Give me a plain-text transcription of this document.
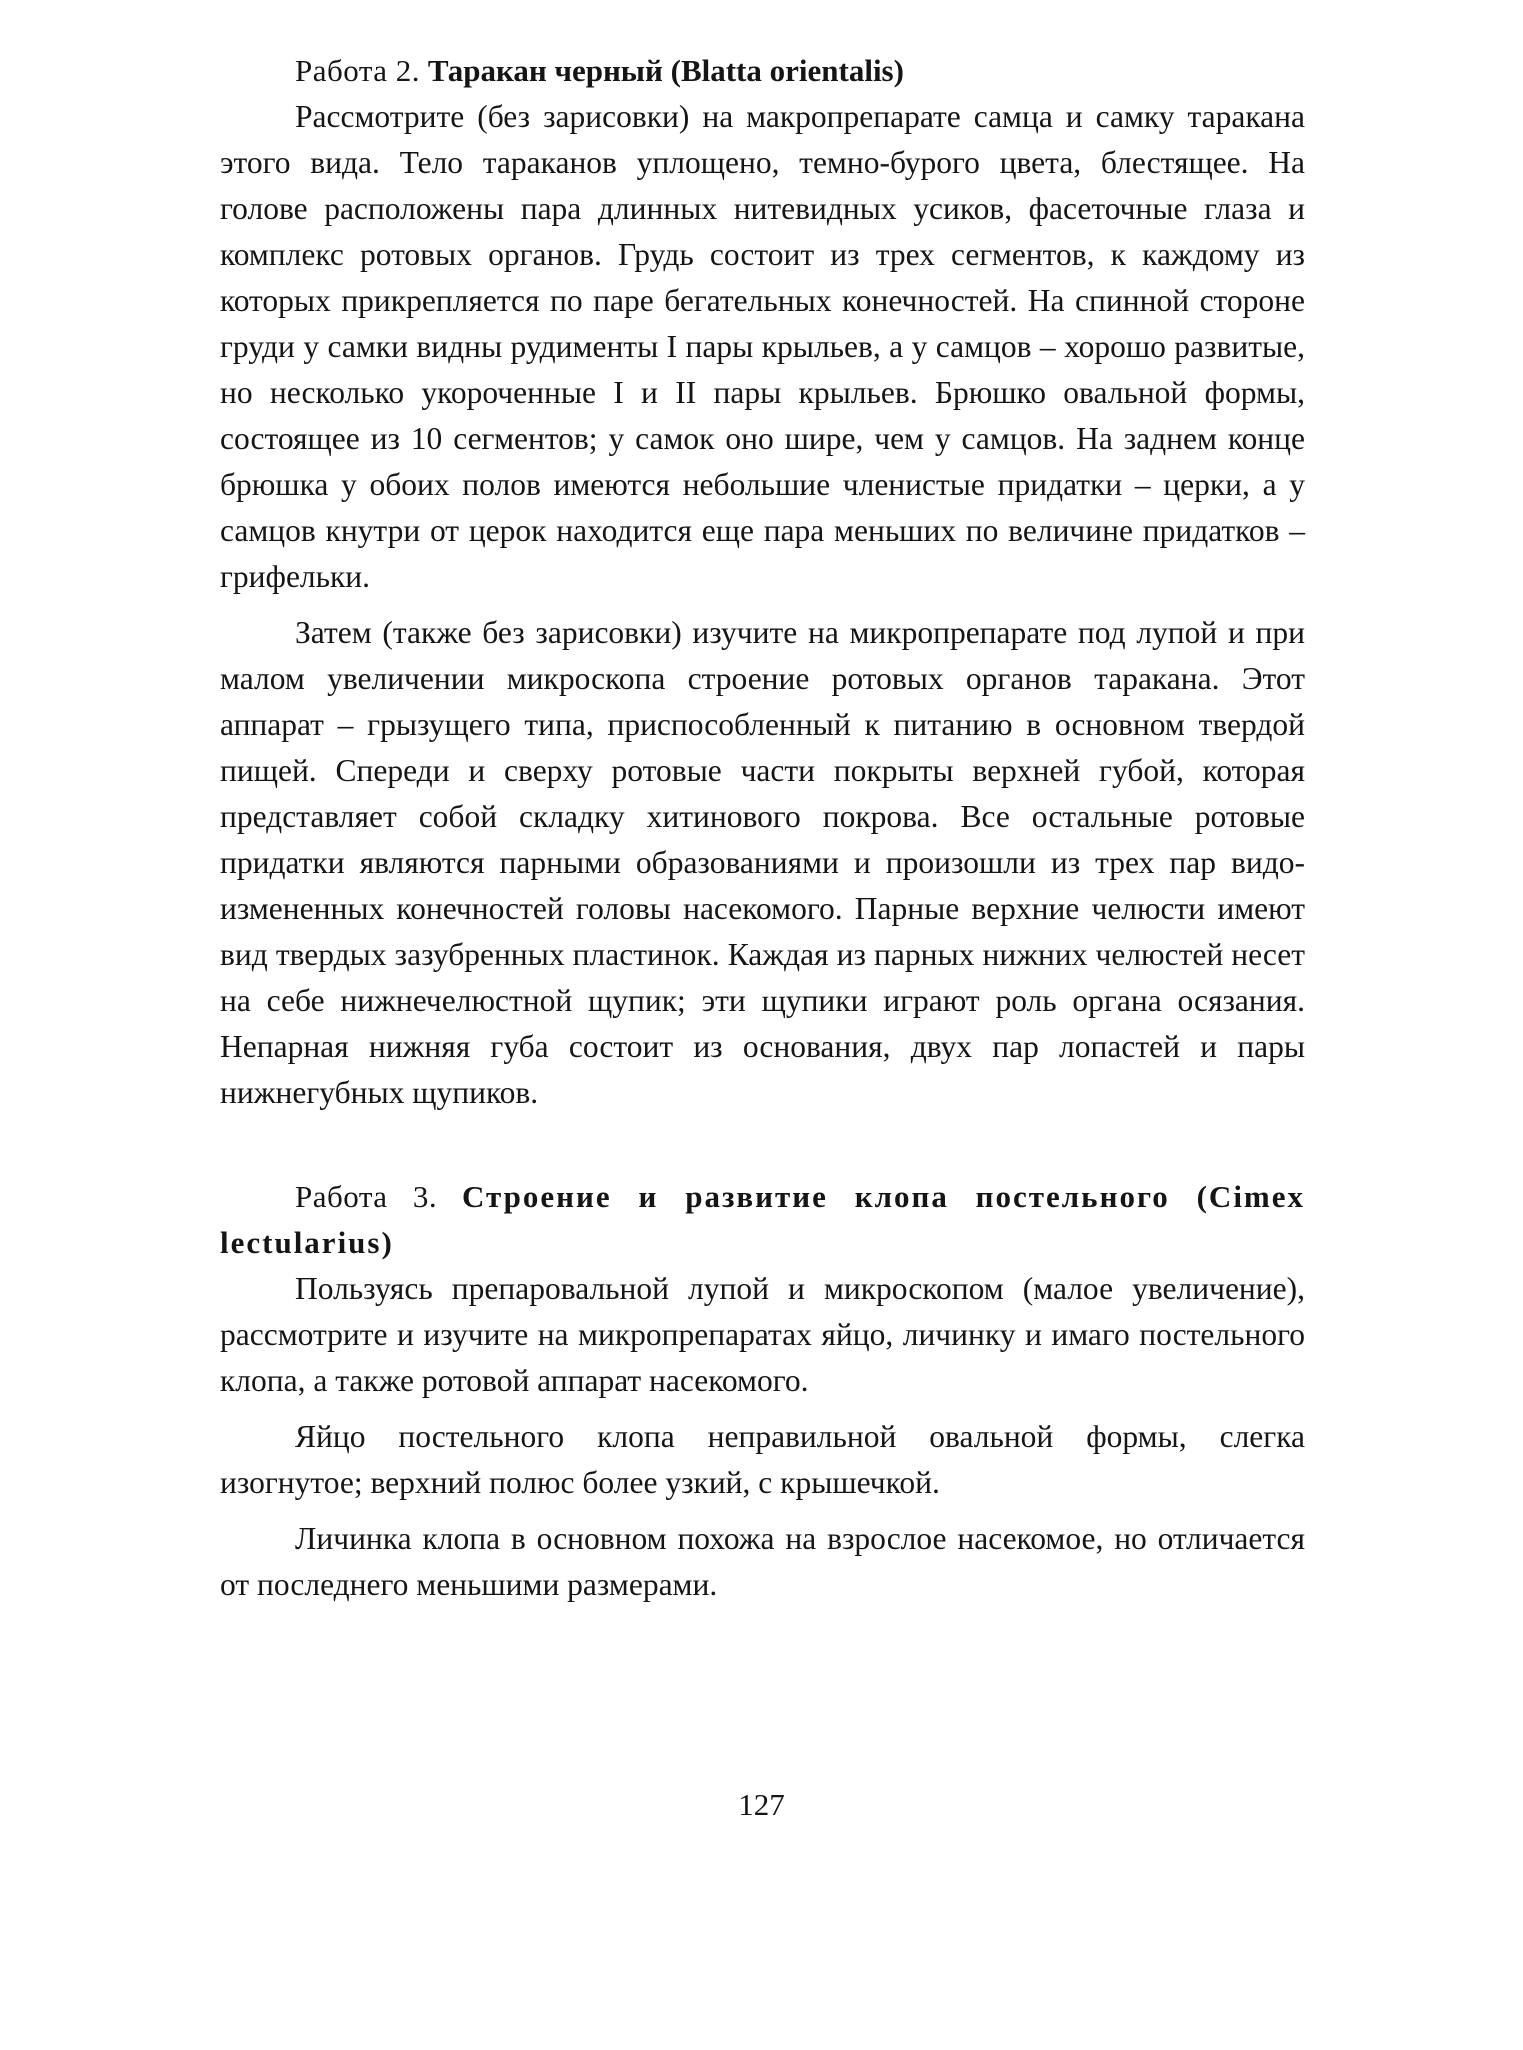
Работа 2. Таракан черный (Blatta orientalis)

Рассмотрите (без зарисовки) на макропрепарате самца и самку таракана этого вида. Тело тараканов уплощено, темно-бурого цвета, блестящее. На голове расположены пара длинных нитевидных усиков, фасеточные глаза и комплекс ротовых органов. Грудь состоит из трех сегментов, к каждому из которых прикрепляется по паре бегательных конечностей. На спинной стороне груди у самки видны рудименты I пары крыльев, а у самцов – хорошо развитые, но несколько укороченные I и II пары крыльев. Брюшко овальной формы, состоящее из 10 сегментов; у самок оно шире, чем у самцов. На заднем конце брюшка у обоих полов имеются небольшие членистые придатки – церки, а у самцов кнутри от церок находится еще пара меньших по величине придатков – грифельки.

Затем (также без зарисовки) изучите на микропрепарате под лупой и при малом увеличении микроскопа строение ротовых органов таракана. Этот аппарат – грызущего типа, приспособленный к питанию в основном твердой пищей. Спереди и сверху ротовые части покрыты верхней губой, которая представляет собой складку хитинового покрова. Все остальные ротовые придатки являются парными образованиями и произошли из трех пар видоизмененных конечностей головы насекомого. Парные верхние челюсти имеют вид твердых зазубренных пластинок. Каждая из парных нижних челюстей несет на себе нижнечелюстной щупик; эти щупики играют роль органа осязания. Непарная нижняя губа состоит из основания, двух пар лопастей и пары нижнегубных щупиков.

Работа 3. Строение и развитие клопа постельного (Cimex lectularius)

Пользуясь препаровальной лупой и микроскопом (малое увеличение), рассмотрите и изучите на микропрепаратах яйцо, личинку и имаго постельного клопа, а также ротовой аппарат насекомого.

Яйцо постельного клопа неправильной овальной формы, слегка изогнутое; верхний полюс более узкий, с крышечкой.

Личинка клопа в основном похожа на взрослое насекомое, но отличается от последнего меньшими размерами.

127
